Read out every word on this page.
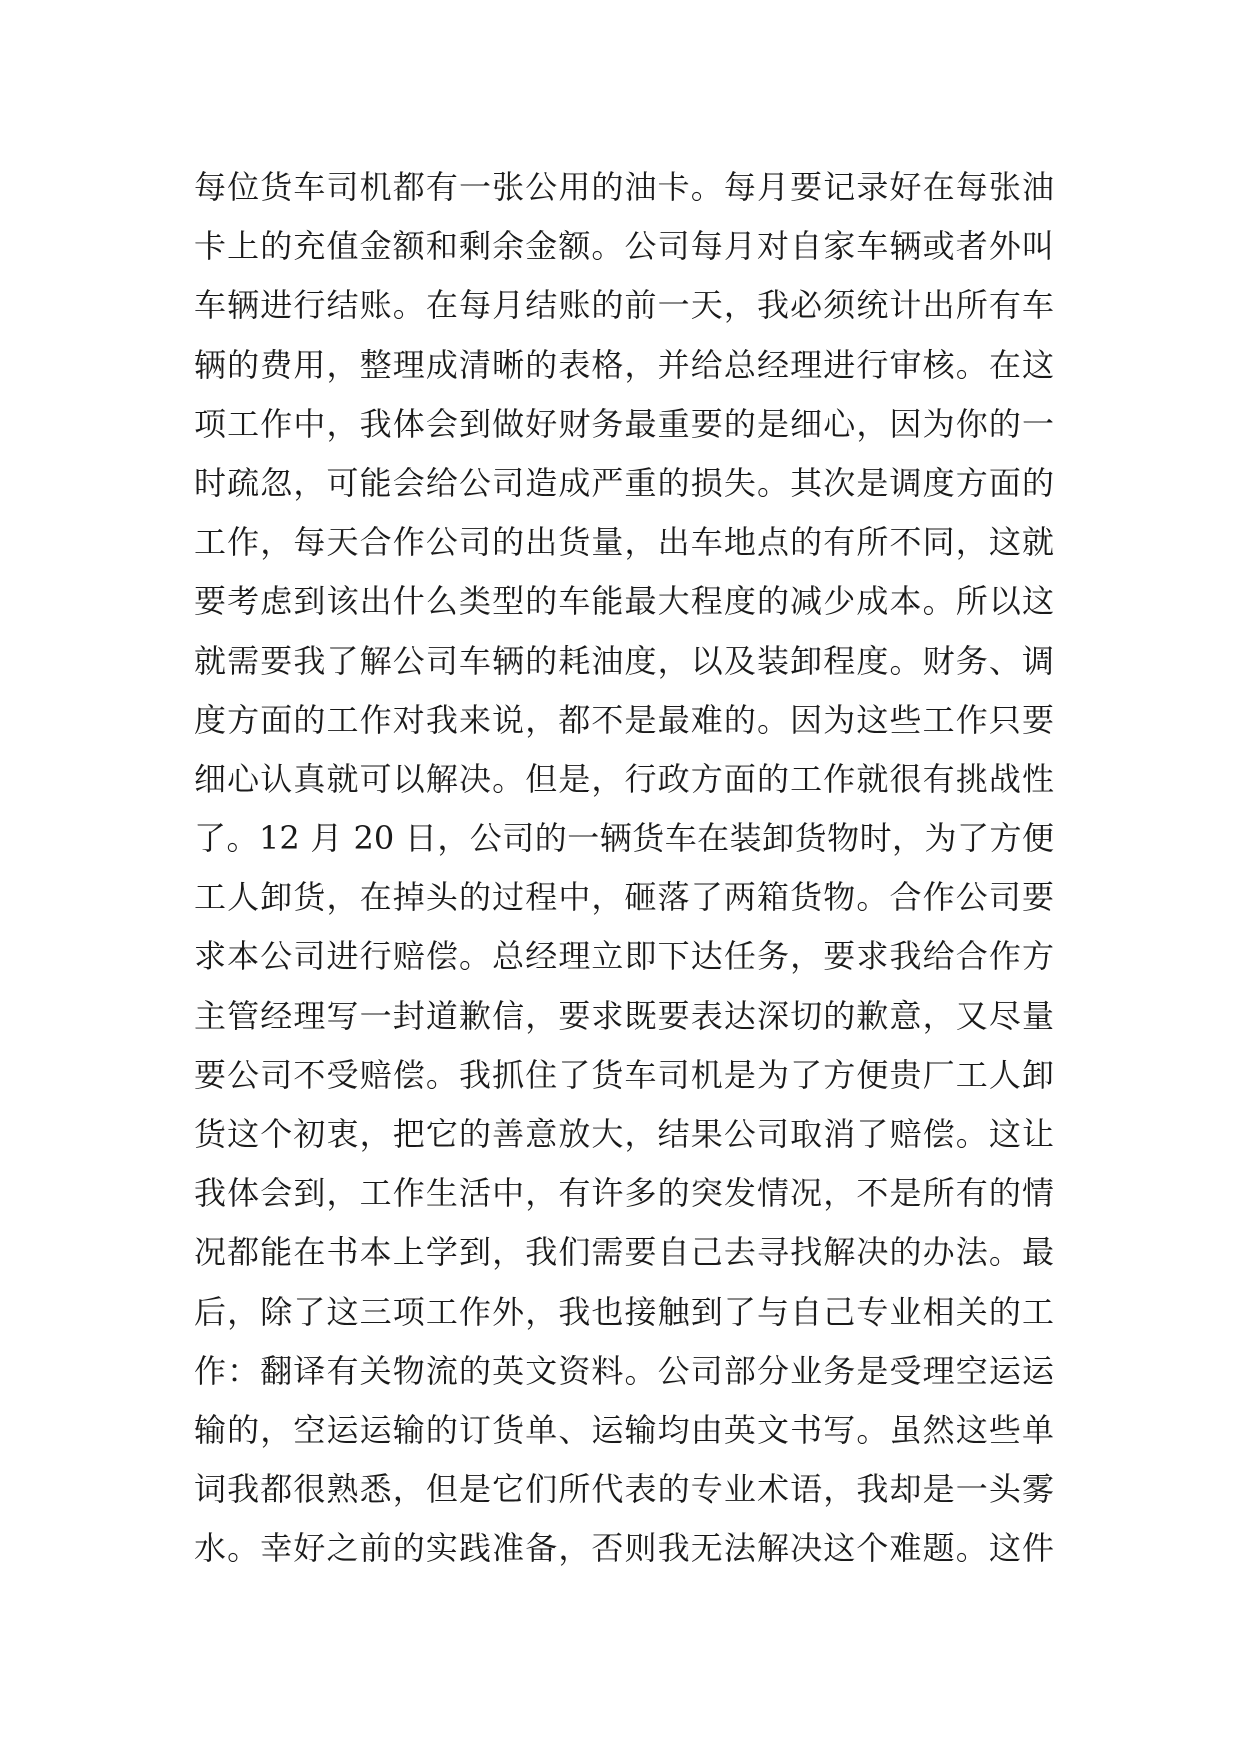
每位货车司机都有一张公用的油卡。每月要记录好在每张油
卡上的充值金额和剩余金额。公司每月对自家车辆或者外叫
车辆进行结账。在每月结账的前一天，我必须统计出所有车
辆的费用，整理成清晰的表格，并给总经理进行审核。在这
项工作中，我体会到做好财务最重要的是细心，因为你的一
时疏忽，可能会给公司造成严重的损失。其次是调度方面的
工作，每天合作公司的出货量，出车地点的有所不同，这就
要考虑到该出什么类型的车能最大程度的减少成本。所以这
就需要我了解公司车辆的耗油度，以及装卸程度。财务、调
度方面的工作对我来说，都不是最难的。因为这些工作只要
细心认真就可以解决。但是，行政方面的工作就很有挑战性
了。12 月 20 日，公司的一辆货车在装卸货物时，为了方便
工人卸货，在掉头的过程中，砸落了两箱货物。合作公司要
求本公司进行赔偿。总经理立即下达任务，要求我给合作方
主管经理写一封道歉信，要求既要表达深切的歉意，又尽量
要公司不受赔偿。我抓住了货车司机是为了方便贵厂工人卸
货这个初衷，把它的善意放大，结果公司取消了赔偿。这让
我体会到，工作生活中，有许多的突发情况，不是所有的情
况都能在书本上学到，我们需要自己去寻找解决的办法。最
后，除了这三项工作外，我也接触到了与自己专业相关的工
作：翻译有关物流的英文资料。公司部分业务是受理空运运
输的，空运运输的订货单、运输均由英文书写。虽然这些单
词我都很熟悉，但是它们所代表的专业术语，我却是一头雾
水。幸好之前的实践准备，否则我无法解决这个难题。这件
